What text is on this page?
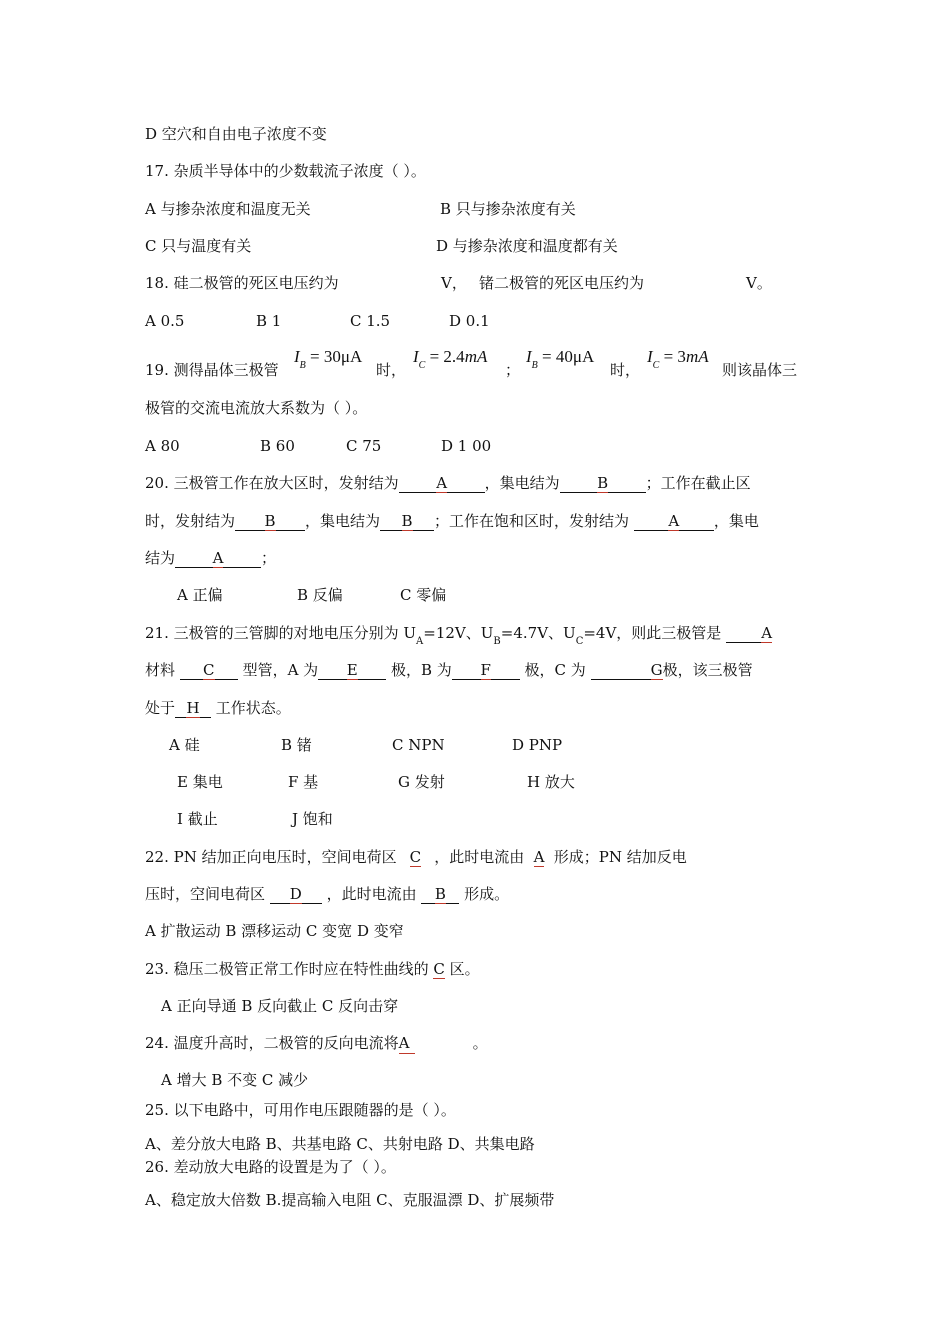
D 空穴和自由电子浓度不变
17. 杂质半导体中的少数载流子浓度（ ）。
A 与掺杂浓度和温度无关	B 只与掺杂浓度有关
C 只与温度有关	D 与掺杂浓度和温度都有关
18. 硅二极管的死区电压约为	V， 锗二极管的死区电压约为	V。
A 0.5	B 1	C 1.5	D 0.1
19. 测得晶体三极管
$I_B = 30\mu A$
时，
$I_C = 2.4mA$
；
$I_B = 40\mu A$
时，
$I_C = 3mA$
则该晶体三
极管的交流电流放大系数为（ ）。
A 80	B 60	C 75	D 1 00
20. 三极管工作在放大区时，发射结为	A	，集电结为 B ；工作在截止区
时，发射结为 B ，集电结为 B ；工作在饱和区时，发射结为	A ，集电
结为	A	；
A 正偏	B 反偏	C 零偏
21. 三极管的三管脚的对地电压分别为 $U_A=12V$、$U_B=4.7V$、$U_C=4V$，则此三极管是	A
材料 C 型管，A 为 E 极，B 为 F 极，C 为	G极，该三极管
处于 H 工作状态。
A 硅	B 锗	C NPN	D PNP
E 集电	F 基	G 发射	H 放大
I 截止	J 饱和
22. PN 结加正向电压时，空间电荷区 C ，此时电流由 A 形成；PN 结加反电
压时，空间电荷区 D ，此时电流由 B 形成。
A 扩散运动 B 漂移运动 C 变宽 D 变窄
23. 稳压二极管正常工作时应在特性曲线的 C 区。
A 正向导通 B 反向截止 C 反向击穿
24. 温度升高时，二极管的反向电流将A	。
A 增大 B 不变 C 减少
25. 以下电路中，可用作电压跟随器的是（ ）。
A、差分放大电路 B、共基电路 C、共射电路 D、共集电路
26. 差动放大电路的设置是为了（ ）。
A、稳定放大倍数 B.提高输入电阻 C、克服温漂 D、扩展频带
